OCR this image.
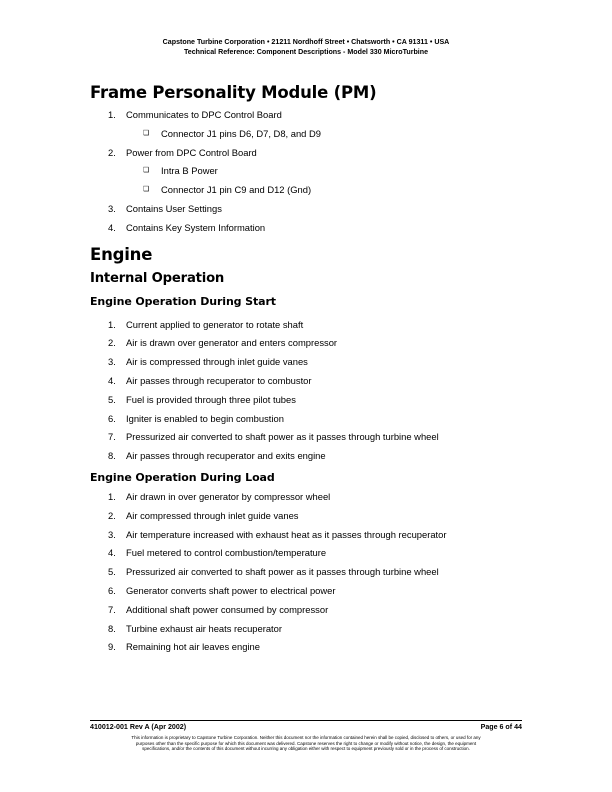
Capstone Turbine Corporation • 21211 Nordhoff Street • Chatsworth • CA 91311 • USA
Technical Reference: Component Descriptions - Model 330 MicroTurbine
Frame Personality Module (PM)
1. Communicates to DPC Control Board
❏ Connector J1 pins D6, D7, D8, and D9
2. Power from DPC Control Board
❏ Intra B Power
❏ Connector J1 pin C9 and D12 (Gnd)
3. Contains User Settings
4. Contains Key System Information
Engine
Internal Operation
Engine Operation During Start
1. Current applied to generator to rotate shaft
2. Air is drawn over generator and enters compressor
3. Air is compressed through inlet guide vanes
4. Air passes through recuperator to combustor
5. Fuel is provided through three pilot tubes
6. Igniter is enabled to begin combustion
7. Pressurized air converted to shaft power as it passes through turbine wheel
8. Air passes through recuperator and exits engine
Engine Operation During Load
1. Air drawn in over generator by compressor wheel
2. Air compressed through inlet guide vanes
3. Air temperature increased with exhaust heat as it passes through recuperator
4. Fuel metered to control combustion/temperature
5. Pressurized air converted to shaft power as it passes through turbine wheel
6. Generator converts shaft power to electrical power
7. Additional shaft power consumed by compressor
8. Turbine exhaust air heats recuperator
9. Remaining hot air leaves engine
410012-001 Rev A (Apr 2002)	Page 6 of 44
This information is proprietary to Capstone Turbine Corporation. Neither this document nor the information contained herein shall be copied, disclosed to others, or used for any
purposes other than the specific purpose for which this document was delivered. Capstone reserves the right to change or modify without notice, the design, the equipment
specifications, and/or the contents of this document without incurring any obligation either with respect to equipment previously sold or in the process of construction.
